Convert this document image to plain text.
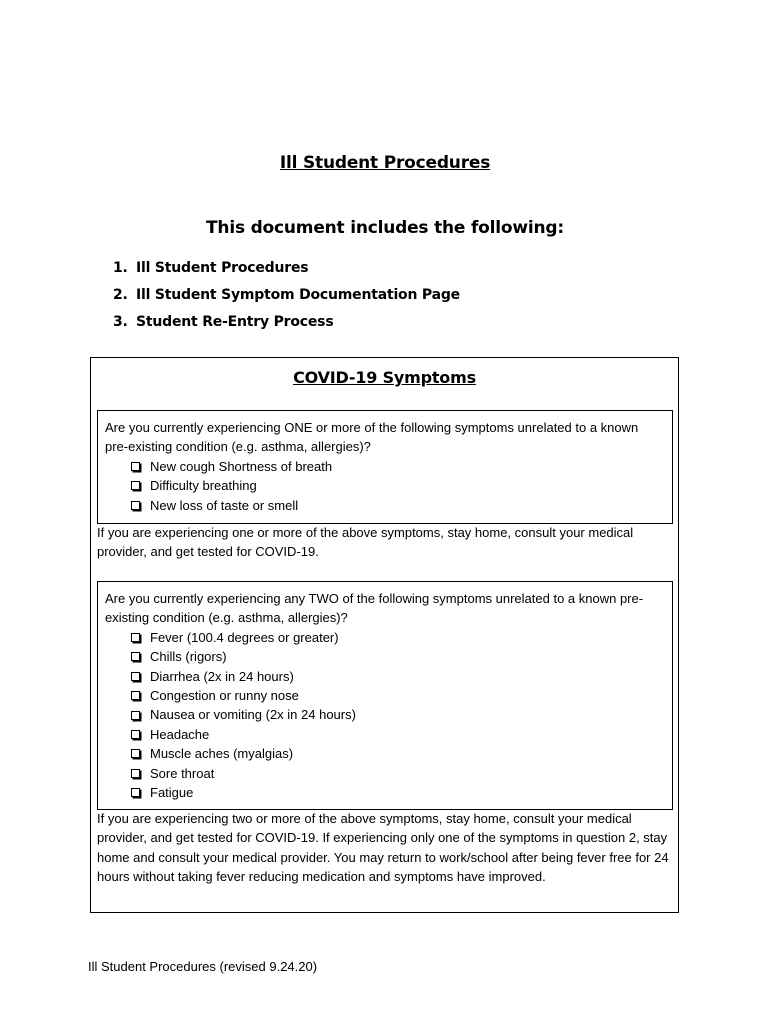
Ill Student Procedures
This document includes the following:
1. Ill Student Procedures
2. Ill Student Symptom Documentation Page
3. Student Re-Entry Process
COVID-19 Symptoms

Are you currently experiencing ONE or more of the following symptoms unrelated to a known pre-existing condition (e.g. asthma, allergies)?

New cough Shortness of breath
Difficulty breathing
New loss of taste or smell

If you are experiencing one or more of the above symptoms, stay home, consult your medical provider, and get tested for COVID-19.

Are you currently experiencing any TWO of the following symptoms unrelated to a known pre-existing condition (e.g. asthma, allergies)?

Fever (100.4 degrees or greater)
Chills (rigors)
Diarrhea (2x in 24 hours)
Congestion or runny nose
Nausea or vomiting (2x in 24 hours)
Headache
Muscle aches (myalgias)
Sore throat
Fatigue

If you are experiencing two or more of the above symptoms, stay home, consult your medical provider, and get tested for COVID-19. If experiencing only one of the symptoms in question 2, stay home and consult your medical provider. You may return to work/school after being fever free for 24 hours without taking fever reducing medication and symptoms have improved.

Ill Student Procedures (revised 9.24.20)
